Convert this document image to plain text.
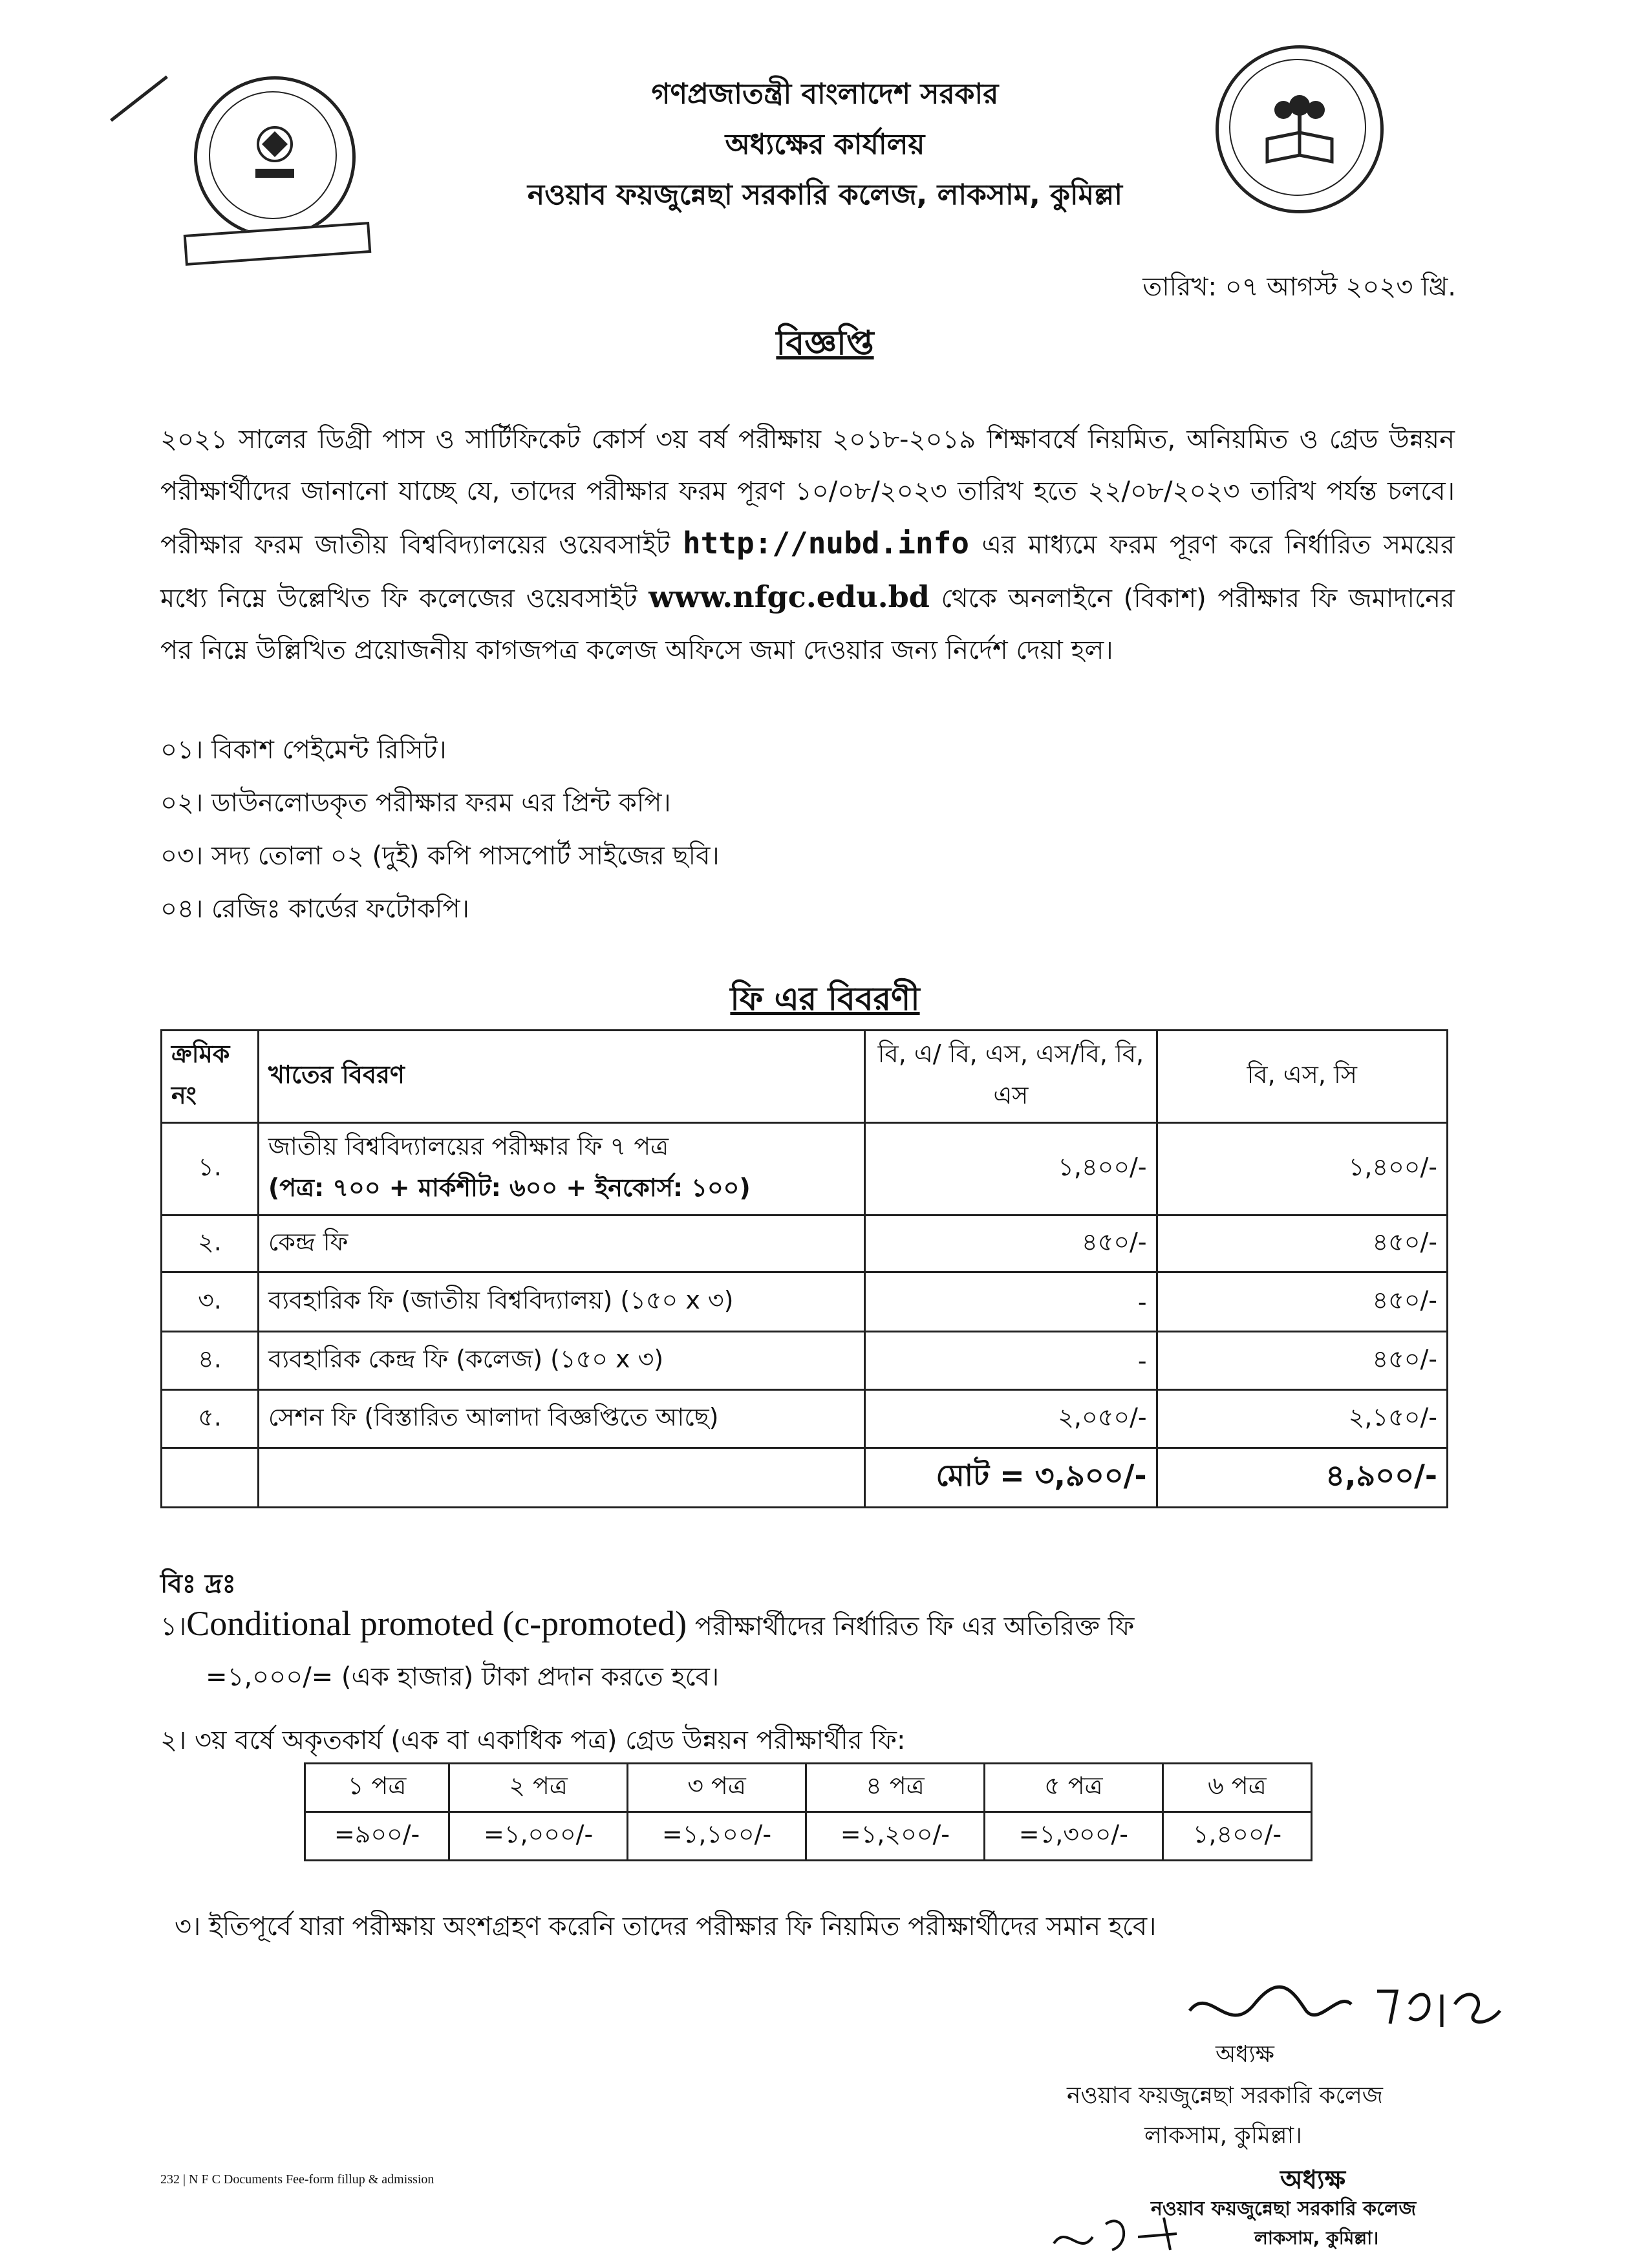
গণপ্রজাতন্ত্রী বাংলাদেশ সরকার
অধ্যক্ষের কার্যালয়
নওয়াব ফয়জুন্নেছা সরকারি কলেজ, লাকসাম, কুমিল্লা
তারিখ: ০৭ আগস্ট ২০২৩ খ্রি.
বিজ্ঞপ্তি
২০২১ সালের ডিগ্রী পাস ও সার্টিফিকেট কোর্স ৩য় বর্ষ পরীক্ষায় ২০১৮-২০১৯ শিক্ষাবর্ষে নিয়মিত, অনিয়মিত ও গ্রেড উন্নয়ন পরীক্ষার্থীদের জানানো যাচ্ছে যে, তাদের পরীক্ষার ফরম পূরণ ১০/০৮/২০২৩ তারিখ হতে ২২/০৮/২০২৩ তারিখ পর্যন্ত চলবে। পরীক্ষার ফরম জাতীয় বিশ্ববিদ্যালয়ের ওয়েবসাইট http://nubd.info এর মাধ্যমে ফরম পূরণ করে নির্ধারিত সময়ের মধ্যে নিম্নে উল্লেখিত ফি কলেজের ওয়েবসাইট www.nfgc.edu.bd থেকে অনলাইনে (বিকাশ) পরীক্ষার ফি জমাদানের পর নিম্নে উল্লিখিত প্রয়োজনীয় কাগজপত্র কলেজ অফিসে জমা দেওয়ার জন্য নির্দেশ দেয়া হল।
০১। বিকাশ পেইমেন্ট রিসিট।
০২। ডাউনলোডকৃত পরীক্ষার ফরম এর প্রিন্ট কপি।
০৩। সদ্য তোলা ০২ (দুই) কপি পাসপোর্ট সাইজের ছবি।
০৪। রেজিঃ কার্ডের ফটোকপি।
ফি এর বিবরণী
ক্রমিক নং	খাতের বিবরণ	বি, এ/ বি, এস, এস/বি, বি, এস	বি, এস, সি
১.	জাতীয় বিশ্ববিদ্যালয়ের পরীক্ষার ফি ৭ পত্র
(পত্র: ৭০০ + মার্কশীট: ৬০০ + ইনকোর্স: ১০০)	১,৪০০/-	১,৪০০/-
২.	কেন্দ্র ফি	৪৫০/-	৪৫০/-
৩.	ব্যবহারিক ফি (জাতীয় বিশ্ববিদ্যালয়) (১৫০ x ৩)	-	৪৫০/-
৪.	ব্যবহারিক কেন্দ্র ফি (কলেজ) (১৫০ x ৩)	-	৪৫০/-
৫.	সেশন ফি (বিস্তারিত আলাদা বিজ্ঞপ্তিতে আছে)	২,০৫০/-	২,১৫০/-
		মোট = ৩,৯০০/-	৪,৯০০/-
বিঃ দ্রঃ
১।Conditional promoted (c-promoted) পরীক্ষার্থীদের নির্ধারিত ফি এর অতিরিক্ত ফি
=১,০০০/= (এক হাজার) টাকা প্রদান করতে হবে।
২। ৩য় বর্ষে অকৃতকার্য (এক বা একাধিক পত্র) গ্রেড উন্নয়ন পরীক্ষার্থীর ফি:
১ পত্র	২ পত্র	৩ পত্র	৪ পত্র	৫ পত্র	৬ পত্র
=৯০০/-	=১,০০০/-	=১,১০০/-	=১,২০০/-	=১,৩০০/-	১,৪০০/-
৩। ইতিপূর্বে যারা পরীক্ষায় অংশগ্রহণ করেনি তাদের পরীক্ষার ফি নিয়মিত পরীক্ষার্থীদের সমান হবে।
অধ্যক্ষ
নওয়াব ফয়জুন্নেছা সরকারি কলেজ
লাকসাম, কুমিল্লা।
অধ্যক্ষ
নওয়াব ফয়জুন্নেছা সরকারি কলেজ
লাকসাম, কুমিল্লা।
232 | N F C Documents Fee-form fillup & admission
